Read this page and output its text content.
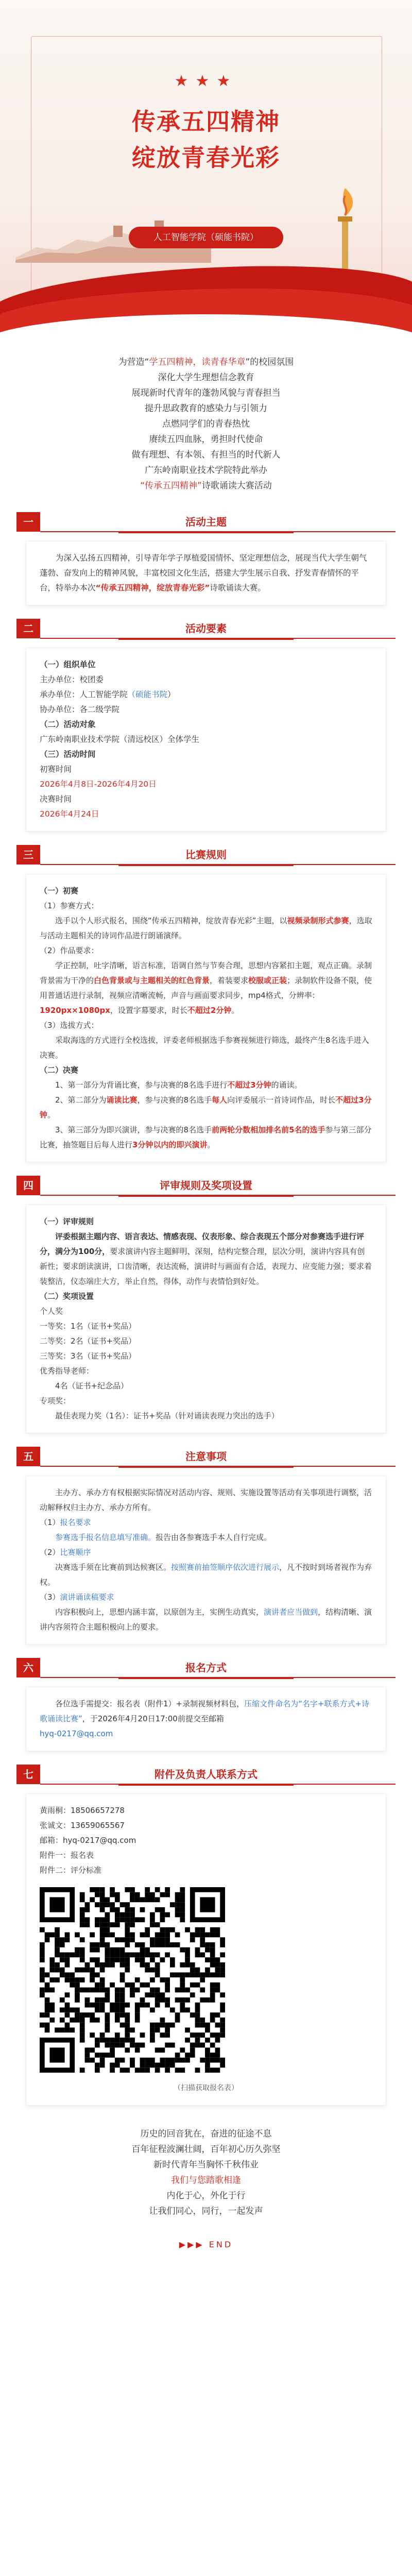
★★★
传承五四精神
绽放青春光彩
人工智能学院（硕能书院）
为营造“学五四精神，读青春华章”的校园氛围
深化大学生理想信念教育
展现新时代青年的蓬勃风貌与青春担当
提升思政教育的感染力与引领力
点燃同学们的青春热忱
赓续五四血脉，勇担时代使命
做有理想、有本领、有担当的时代新人
广东岭南职业技术学院特此举办
“传承五四精神”诗歌诵读大赛活动
一	活动主题

为深入弘扬五四精神，引导青年学子厚植爱国情怀、坚定理想信念，展现当代大学生朝气蓬勃、奋发向上的精神风貌，丰富校园文化生活，搭建大学生展示自我、抒发青春情怀的平台，特举办本次“传承五四精神，绽放青春光彩”诗歌诵读大赛。

二	活动要素

（一）组织单位

主办单位：校团委

承办单位：人工智能学院（硕能书院）

协办单位：各二级学院

（二）活动对象

广东岭南职业技术学院（清远校区）全体学生

（三）活动时间

初赛时间

2026年4月8日-2026年4月20日

决赛时间

2026年4月24日

三	比赛规则

（一）初赛

（1）参赛方式：

选手以个人形式报名，围绕“传承五四精神，绽放青春光彩”主题，以视频录制形式参赛，选取与活动主题相关的诗词作品进行朗诵演绎。

（2）作品要求：

学正控制，吐字清晰，语言标准，语调自然与节奏合理，思想内容紧扣主题，观点正确。录制背景需为干净的白色背景或与主题相关的红色背景，着装要求校服或正装；录制软件设备不限，使用普通话进行录制，视频应清晰流畅，声音与画面要求同步，mp4格式，分辨率：1920px×1080px，设置字幕要求，时长不超过2分钟。

（3）选拔方式：

采取海选的方式进行全校选拔，评委老师根据选手参赛视频进行筛选，最终产生8名选手进入决赛。

（二）决赛

1、第一部分为背诵比赛，参与决赛的8名选手进行不超过3分钟的诵读。

2、第二部分为诵读比赛，参与决赛的8名选手每人向评委展示一首诗词作品，时长不超过3分钟。

3、第三部分为即兴演讲，参与决赛的8名选手前两轮分数相加排名前5名的选手参与第三部分比赛，抽签题目后每人进行3分钟以内的即兴演讲。

四	评审规则及奖项设置

（一）评审规则

评委根据主题内容、语言表达、情感表现、仪表形象、综合表现五个部分对参赛选手进行评分，满分为100分，要求演讲内容主题鲜明、深刻，结构完整合理，层次分明，演讲内容具有创新性；要求朗读演讲，口齿清晰，表达流畅，演讲时与画面有合适，表现力、应变能力强；要求着装整洁，仪态端庄大方，举止自然，得体，动作与表情恰到好处。

（二）奖项设置

个人奖

一等奖：1名（证书+奖品）

二等奖：2名（证书+奖品）

三等奖：3名（证书+奖品）

优秀指导老师：

4名（证书+纪念品）

专项奖：

最佳表现力奖（1名）：证书+奖品（针对诵读表现力突出的选手）

五	注意事项

主办方、承办方有权根据实际情况对活动内容、规则、实施设置等活动有关事项进行调整，活动解释权归主办方、承办方所有。

（1）报名要求

参赛选手报名信息填写准确。报告由各参赛选手本人自行完成。

（2）比赛顺序

决赛选手须在比赛前到达候赛区。按照赛前抽签顺序依次进行展示，凡不按时到场者视作为弃权。

（3）演讲诵读稿要求

内容积极向上，思想内涵丰富，以原创为主，实例生动真实，演讲者应当做到，结构清晰、演讲内容须符合主题积极向上的要求。

六	报名方式

各位选手需提交：报名表（附件1）+录制视频材料包，压缩文件命名为“名字+联系方式+诗歌诵读比赛”，于2026年4月20日17:00前提交至邮箱

hyq-0217@qq.com

七	附件及负责人联系方式

黄雨桐：18506657278

张诚文：13659065567

邮箱：hyq-0217@qq.com

附件一：报名表

附件二：评分标准

（扫描获取报名表）
历史的回音犹在，奋进的征途不息
百年征程波澜壮阔，百年初心历久弥坚
新时代青年当胸怀千秋伟业
我们与您踏歌相逢
内化于心，外化于行
让我们同心，同行，一起发声
▶▶▶ END
